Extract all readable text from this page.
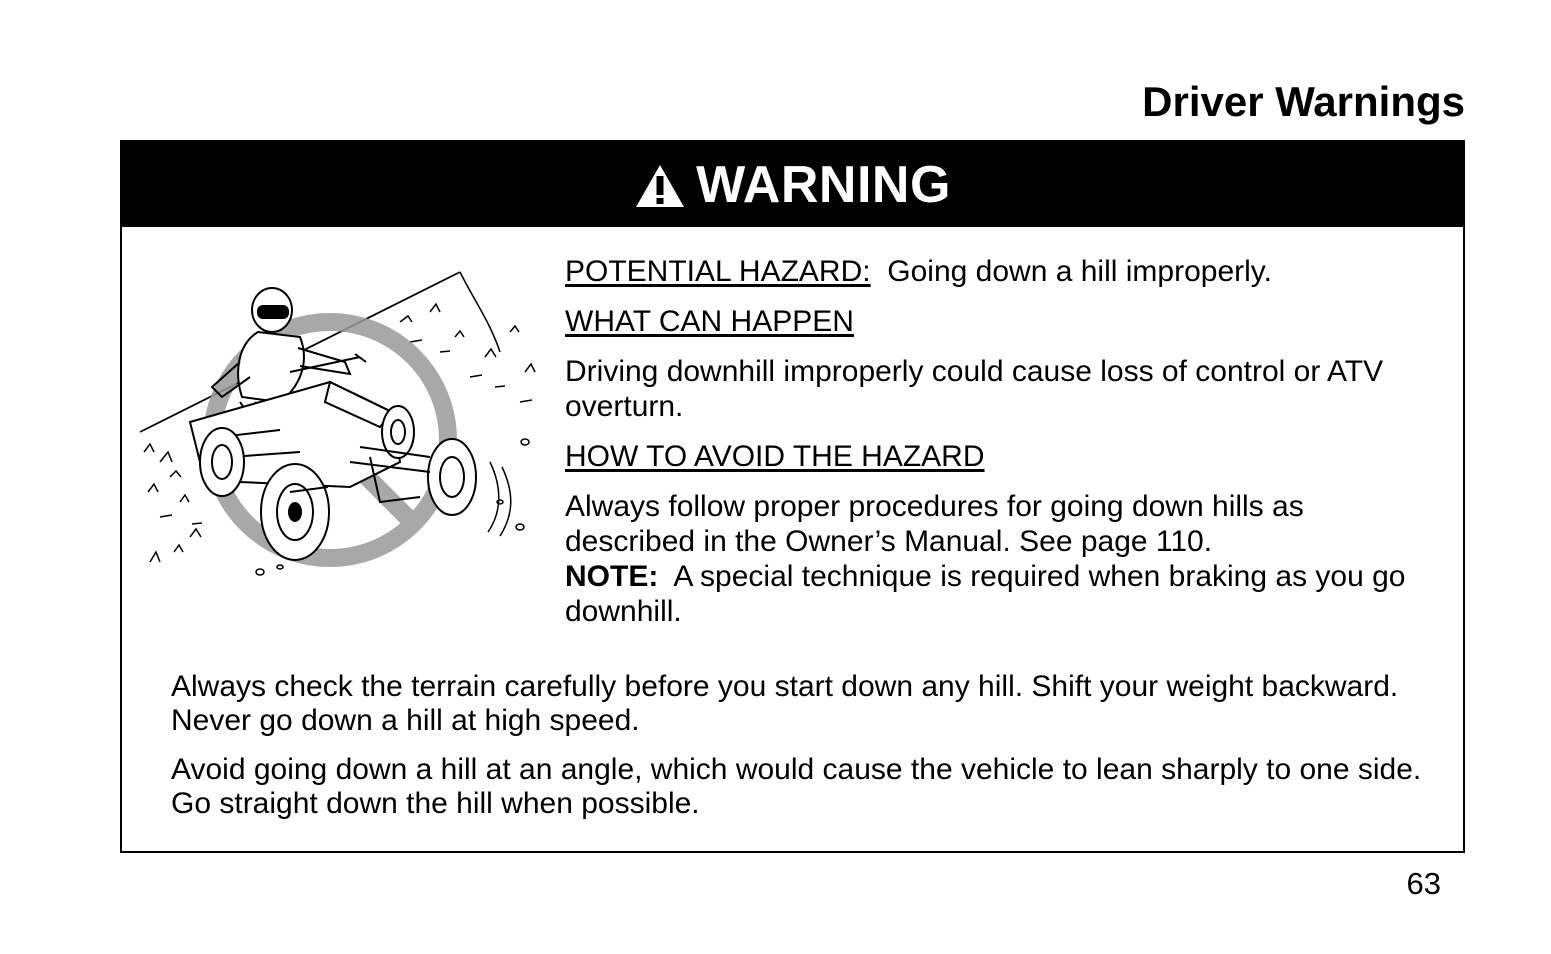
Driver Warnings
WARNING

POTENTIAL HAZARD: Going down a hill improperly.

WHAT CAN HAPPEN

Driving downhill improperly could cause loss of control or ATV overturn.

HOW TO AVOID THE HAZARD

Always follow proper procedures for going down hills as described in the Owner’s Manual. See page 110.

NOTE: A special technique is required when braking as you go downhill.

Always check the terrain carefully before you start down any hill. Shift your weight backward. Never go down a hill at high speed.

Avoid going down a hill at an angle, which would cause the vehicle to lean sharply to one side. Go straight down the hill when possible.

63
